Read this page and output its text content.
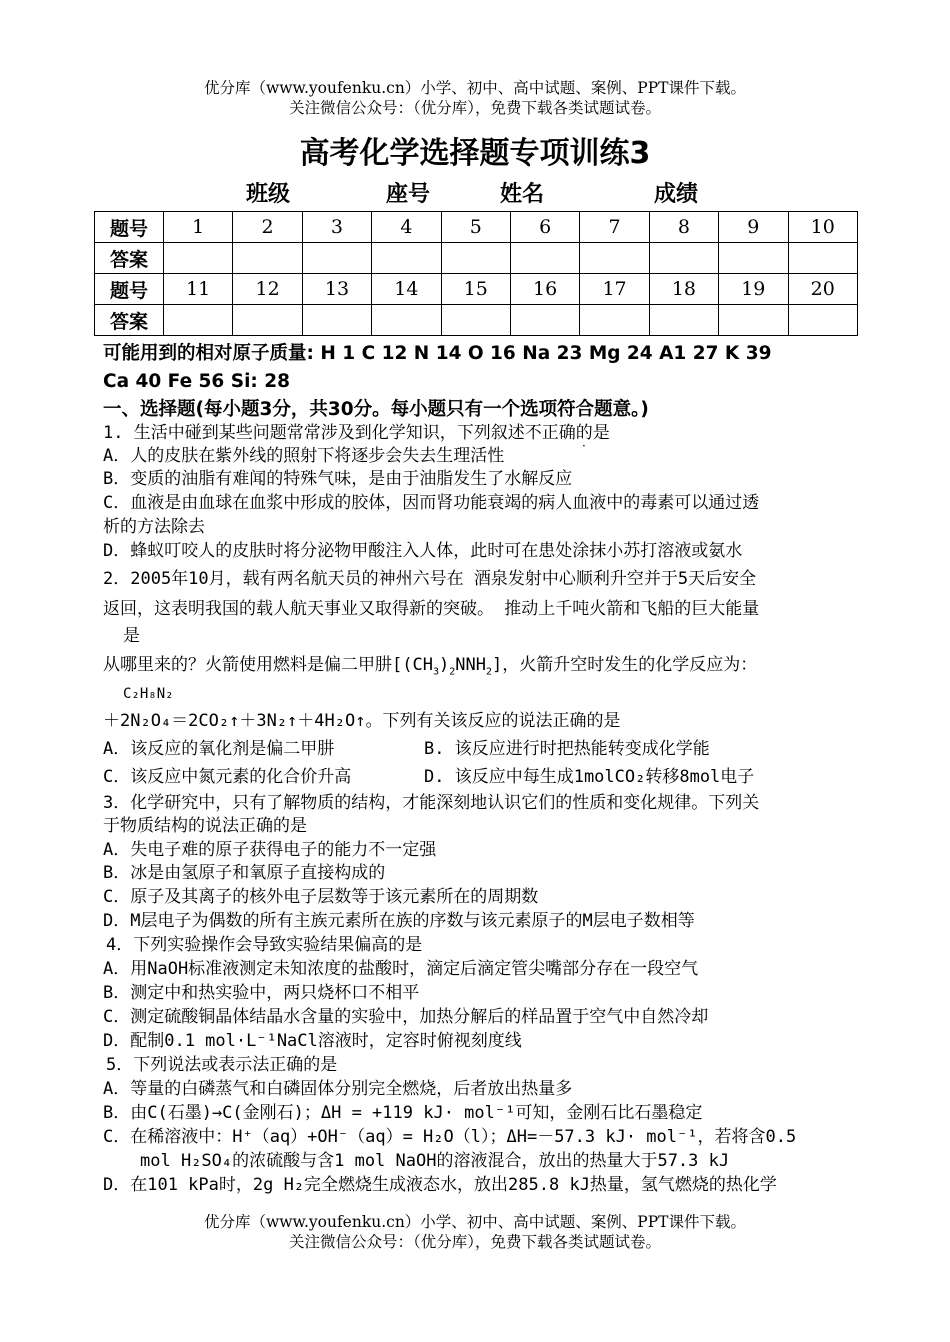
优分库（www.youfenku.cn）小学、初中、高中试题、案例、PPT课件下载。
关注微信公众号：（优分库），免费下载各类试题试卷。
高考化学选择题专项训练3
班级	座号	姓名	成绩
题号	1	2	3	4	5	6	7	8	9	10
答案										
题号	11	12	13	14	15	16	17	18	19	20
答案										
可能用到的相对原子质量: H 1 C 12 N 14 O 16 Na 23 Mg 24 A1 27 K 39
Ca 40 Fe 56 Si: 28
一、选择题(每小题3分，共30分。每小题只有一个选项符合题意。)
1. 生活中碰到某些问题常常涉及到化学知识，下列叙述不正确的是
·
A．人的皮肤在紫外线的照射下将逐步会失去生理活性
B．变质的油脂有难闻的特殊气味，是由于油脂发生了水解反应
C．血液是由血球在血浆中形成的胶体，因而肾功能衰竭的病人血液中的毒素可以通过透
析的方法除去
D．蜂蚁叮咬人的皮肤时将分泌物甲酸注入人体，此时可在患处涂抹小苏打溶液或氨水
2．2005年10月，载有两名航天员的神州六号在 酒泉发射中心顺利升空并于5天后安全
返回，这表明我国的载人航天事业又取得新的突破。 推动上千吨火箭和飞船的巨大能量
是
从哪里来的？火箭使用燃料是偏二甲肼$[(CH_3)_2NNH_2]$，火箭升空时发生的化学反应为：
C₂H₈N₂
＋2N₂O₄＝2CO₂↑＋3N₂↑＋4H₂O↑。下列有关该反应的说法正确的是
A．该反应的氧化剂是偏二甲肼	B. 该反应进行时把热能转变成化学能
C．该反应中氮元素的化合价升高	D. 该反应中每生成1molCO₂转移8mol电子
3．化学研究中，只有了解物质的结构，才能深刻地认识它们的性质和变化规律。下列关
于物质结构的说法正确的是
A．失电子难的原子获得电子的能力不一定强
B．冰是由氢原子和氧原子直接构成的
C．原子及其离子的核外电子层数等于该元素所在的周期数
D．M层电子为偶数的所有主族元素所在族的序数与该元素原子的M层电子数相等
4．下列实验操作会导致实验结果偏高的是
A．用NaOH标准液测定未知浓度的盐酸时，滴定后滴定管尖嘴部分存在一段空气
B．测定中和热实验中，两只烧杯口不相平
C．测定硫酸铜晶体结晶水含量的实验中，加热分解后的样品置于空气中自然冷却
D．配制0.1 mol·L⁻¹NaCl溶液时，定容时俯视刻度线
5．下列说法或表示法正确的是
A．等量的白磷蒸气和白磷固体分别完全燃烧，后者放出热量多
B．由C(石墨)→C(金刚石)；ΔH = +119 kJ· mol⁻¹可知，金刚石比石墨稳定
C．在稀溶液中：H⁺（aq）+OH⁻（aq）= H₂O（l）；ΔH=－57.3 kJ· mol⁻¹，若将含0.5
mol H₂SO₄的浓硫酸与含1 mol NaOH的溶液混合，放出的热量大于57.3 kJ
D．在101 kPa时，2g H₂完全燃烧生成液态水，放出285.8 kJ热量，氢气燃烧的热化学
优分库（www.youfenku.cn）小学、初中、高中试题、案例、PPT课件下载。
关注微信公众号：（优分库），免费下载各类试题试卷。
